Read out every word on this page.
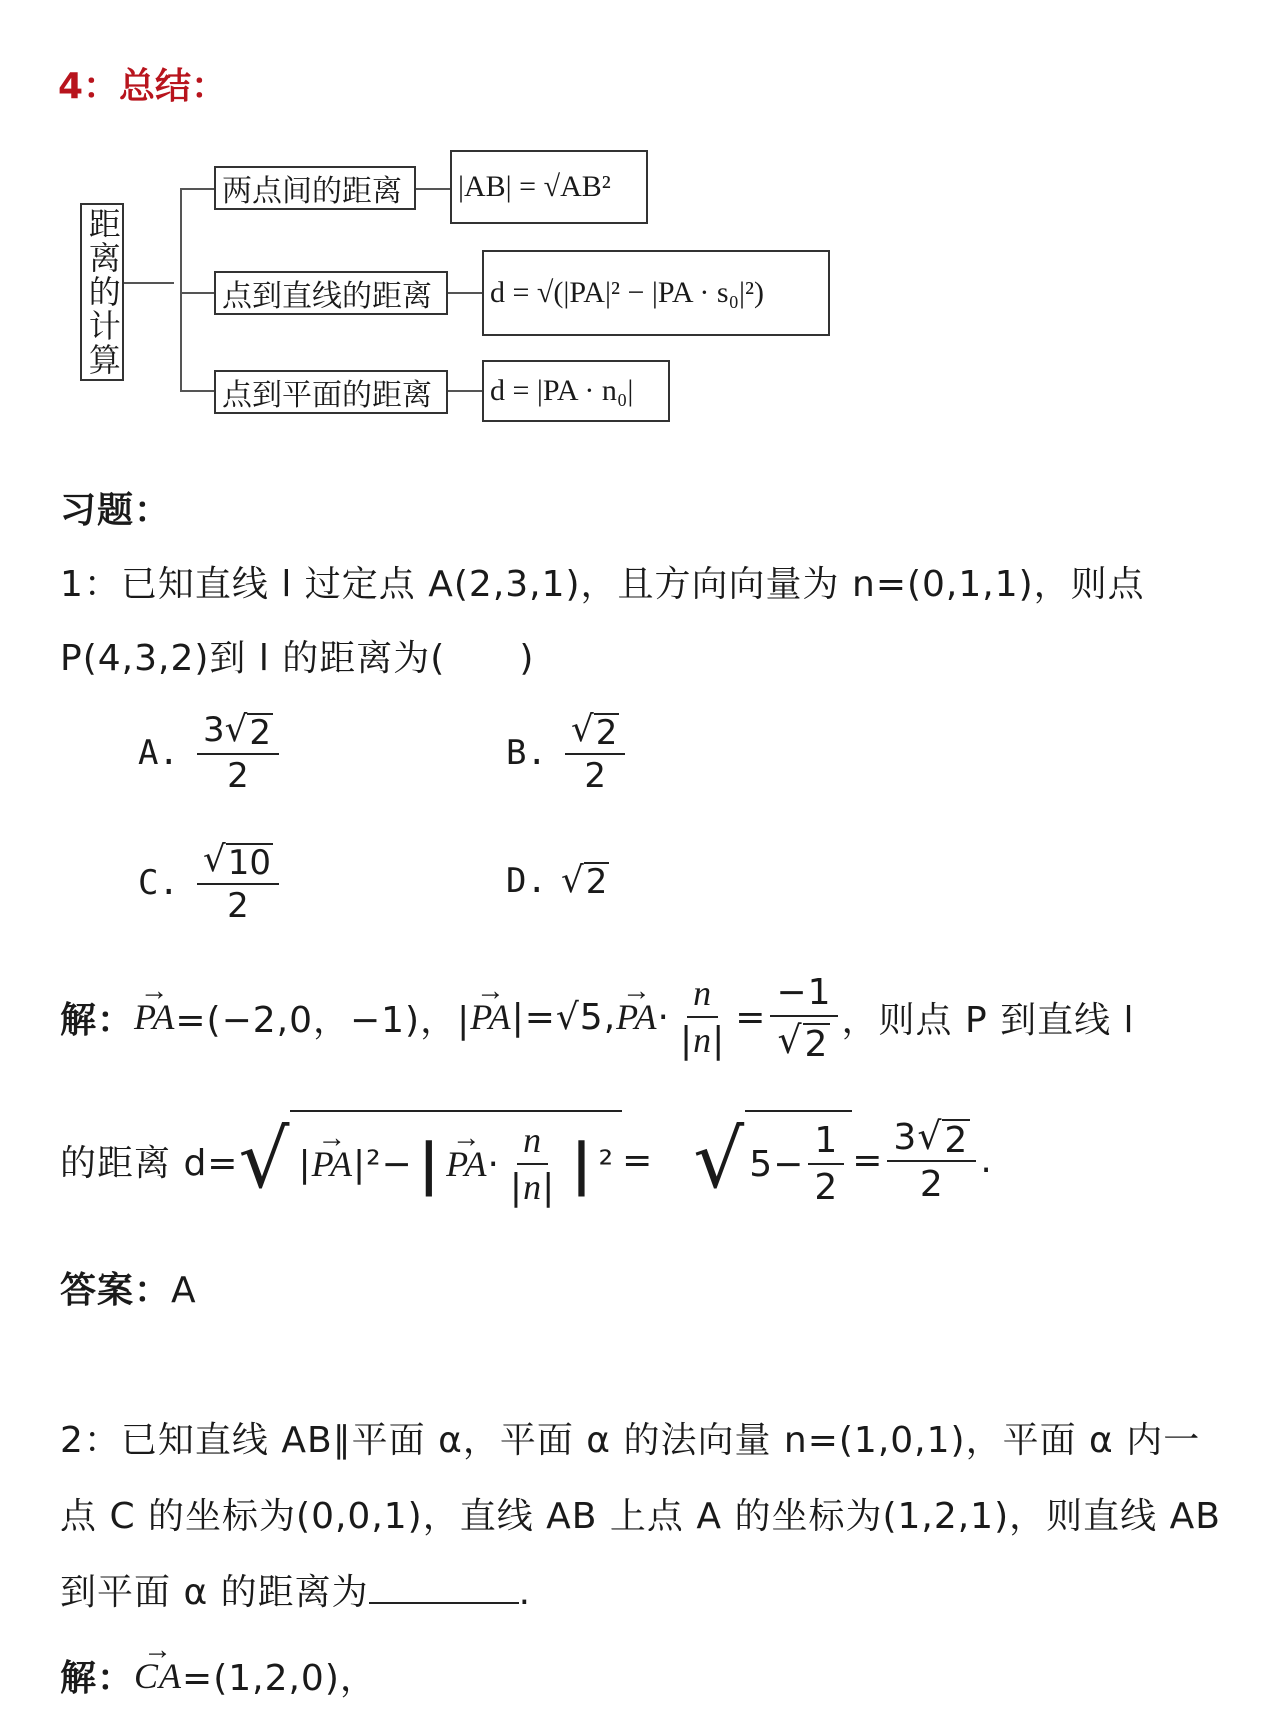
4：总结：
距离的计算
两点间的距离 |AB| = √AB²
点到直线的距离 d = √(|PA|² − |PA · s₀|²)
点到平面的距离 d = |PA · n₀|
习题：
1：已知直线 l 过定点 A(2,3,1)，且方向向量为 n=(0,1,1)，则点
P(4,3,2)到 l 的距离为(　　)
A. $\frac{3 √ 2}{2}$	B. $\frac{√ 2}{2}$
C. $\frac{√ 10}{2}$	D. √ 2
解： → PA =(−2,0，−1)，| → PA |=√5, → PA · $\frac{n}{|n|} = \frac{-1}{√ 2}$ ，则点 P 到直线 l
的距离 d= √ | → PA |²− | → PA · $\frac{n}{|n|}$ | ² = √ $5- \frac{1}{2} = \frac{3 √ 2}{2}$ .
答案：A
2：已知直线 AB∥平面 α，平面 α 的法向量 n=(1,0,1)，平面 α 内一
点 C 的坐标为(0,0,1)，直线 AB 上点 A 的坐标为(1,2,1)，则直线 AB
到平面 α 的距离为	.
解： → CA =(1,2,0)，
